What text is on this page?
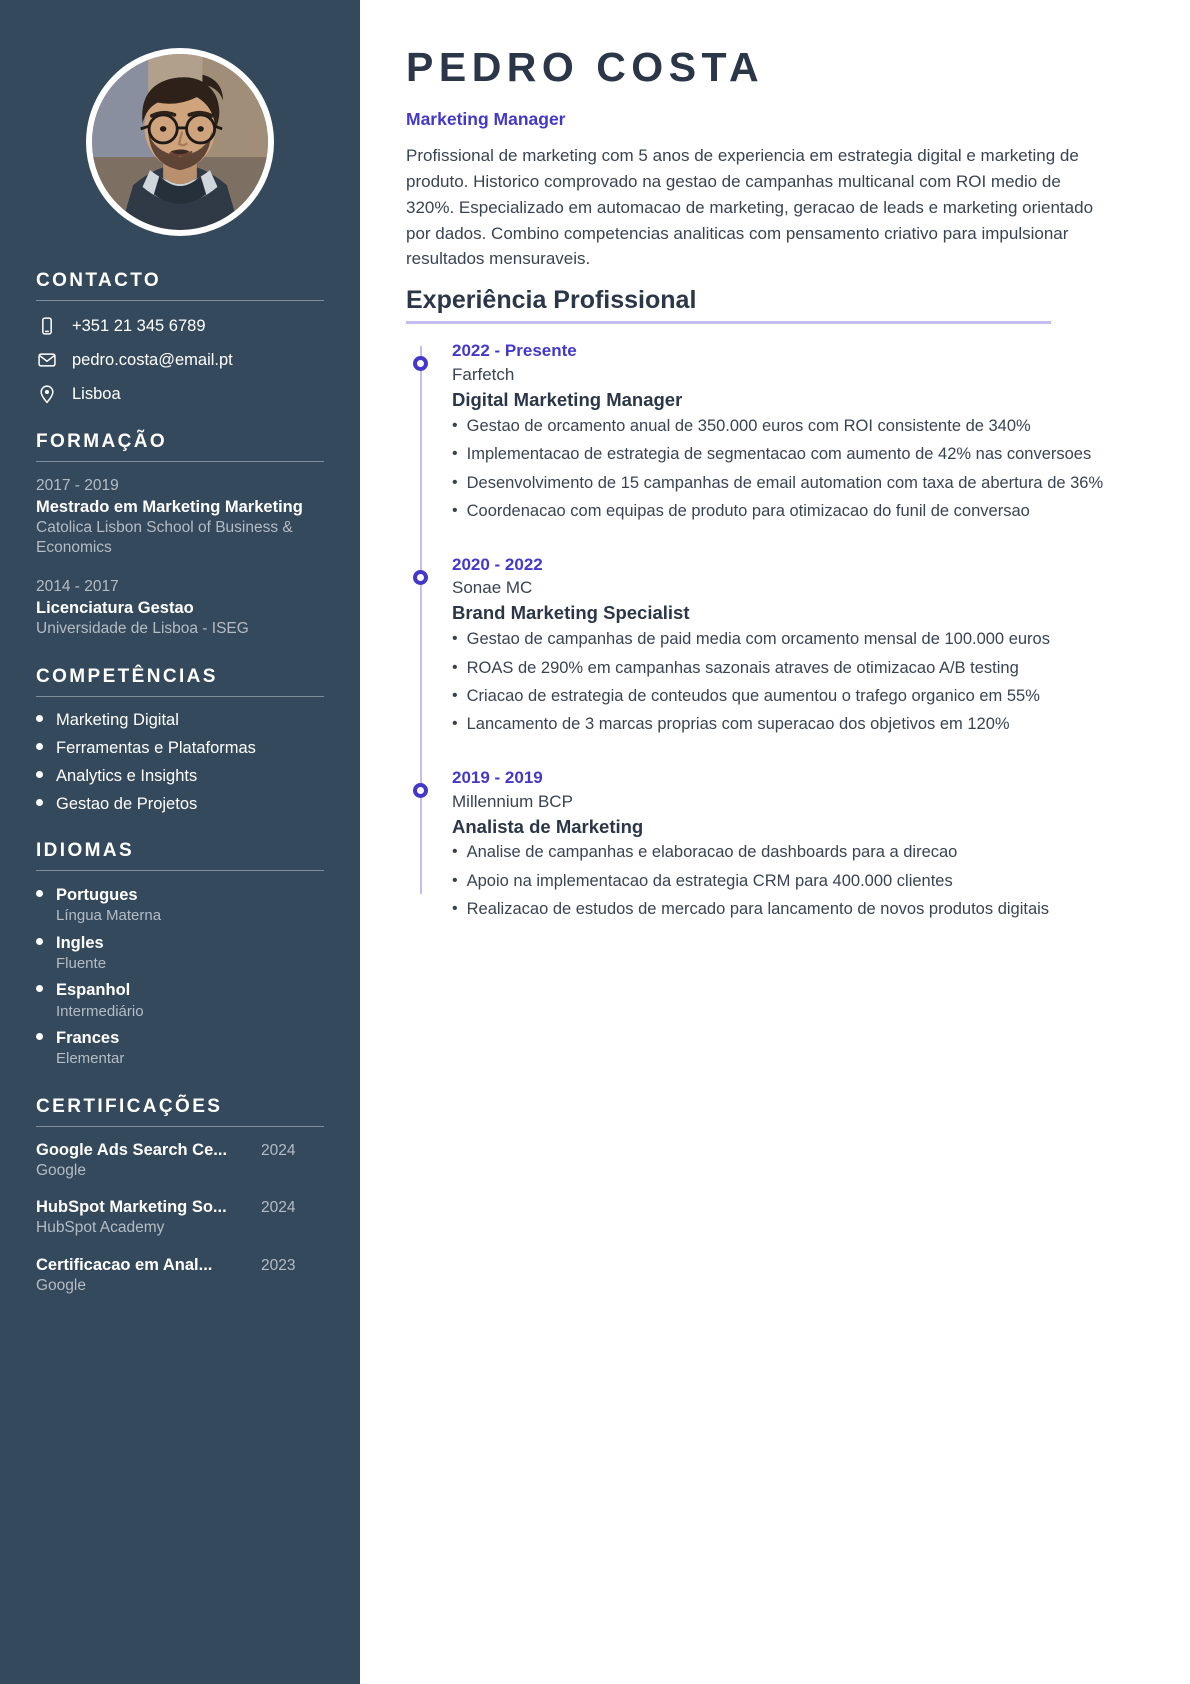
CONTACTO
+351 21 345 6789
pedro.costa@email.pt
Lisboa
FORMAÇÃO
2017 - 2019
Mestrado em Marketing Marketing
Catolica Lisbon School of Business & Economics
2014 - 2017
Licenciatura Gestao
Universidade de Lisboa - ISEG
COMPETÊNCIAS
Marketing Digital
Ferramentas e Plataformas
Analytics e Insights
Gestao de Projetos
IDIOMAS
Portugues
Língua Materna
Ingles
Fluente
Espanhol
Intermediário
Frances
Elementar
CERTIFICAÇÕES
Google Ads Search Ce...	2024
Google
HubSpot Marketing So...	2024
HubSpot Academy
Certificacao em Anal...	2023
Google
PEDRO COSTA
Marketing Manager

Profissional de marketing com 5 anos de experiencia em estrategia digital e marketing de produto. Historico comprovado na gestao de campanhas multicanal com ROI medio de 320%. Especializado em automacao de marketing, geracao de leads e marketing orientado por dados. Combino competencias analiticas com pensamento criativo para impulsionar resultados mensuraveis.

Experiência Profissional
2022 - Presente
Farfetch
Digital Marketing Manager
• Gestao de orcamento anual de 350.000 euros com ROI consistente de 340%
• Implementacao de estrategia de segmentacao com aumento de 42% nas conversoes
• Desenvolvimento de 15 campanhas de email automation com taxa de abertura de 36%
• Coordenacao com equipas de produto para otimizacao do funil de conversao
2020 - 2022
Sonae MC
Brand Marketing Specialist
• Gestao de campanhas de paid media com orcamento mensal de 100.000 euros
• ROAS de 290% em campanhas sazonais atraves de otimizacao A/B testing
• Criacao de estrategia de conteudos que aumentou o trafego organico em 55%
• Lancamento de 3 marcas proprias com superacao dos objetivos em 120%
2019 - 2019
Millennium BCP
Analista de Marketing
• Analise de campanhas e elaboracao de dashboards para a direcao
• Apoio na implementacao da estrategia CRM para 400.000 clientes
• Realizacao de estudos de mercado para lancamento de novos produtos digitais
